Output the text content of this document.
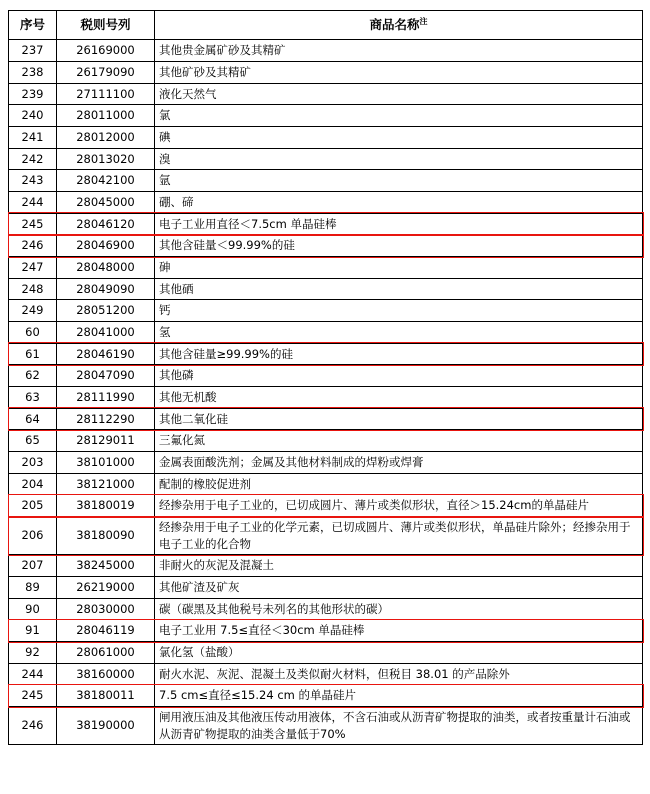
序号	税则号列	商品名称$^注$
237	26169000	其他贵金属矿砂及其精矿
238	26179090	其他矿砂及其精矿
239	27111100	液化天然气
240	28011000	氯
241	28012000	碘
242	28013020	溴
243	28042100	氩
244	28045000	硼、碲
245	28046120	电子工业用直径＜7.5cm 单晶硅棒
246	28046900	其他含硅量＜99.99%的硅
247	28048000	砷
248	28049090	其他硒
249	28051200	钙
60	28041000	氢
61	28046190	其他含硅量≥99.99%的硅
62	28047090	其他磷
63	28111990	其他无机酸
64	28112290	其他二氧化硅
65	28129011	三氟化氮
203	38101000	金属表面酸洗剂；金属及其他材料制成的焊粉或焊膏
204	38121000	配制的橡胶促进剂
205	38180019	经掺杂用于电子工业的，已切成圆片、薄片或类似形状，直径＞15.24cm的单晶硅片
206	38180090	经掺杂用于电子工业的化学元素，已切成圆片、薄片或类似形状，单晶硅片除外；经掺杂用于电子工业的化合物
207	38245000	非耐火的灰泥及混凝土
89	26219000	其他矿渣及矿灰
90	28030000	碳（碳黑及其他税号未列名的其他形状的碳）
91	28046119	电子工业用 7.5≤直径＜30cm 单晶硅棒
92	28061000	氯化氢（盐酸）
244	38160000	耐火水泥、灰泥、混凝土及类似耐火材料，但税目 38.01 的产品除外
245	38180011	7.5 cm≤直径≤15.24 cm 的单晶硅片
246	38190000	闸用液压油及其他液压传动用液体，不含石油或从沥青矿物提取的油类，或者按重量计石油或从沥青矿物提取的油类含量低于70%
